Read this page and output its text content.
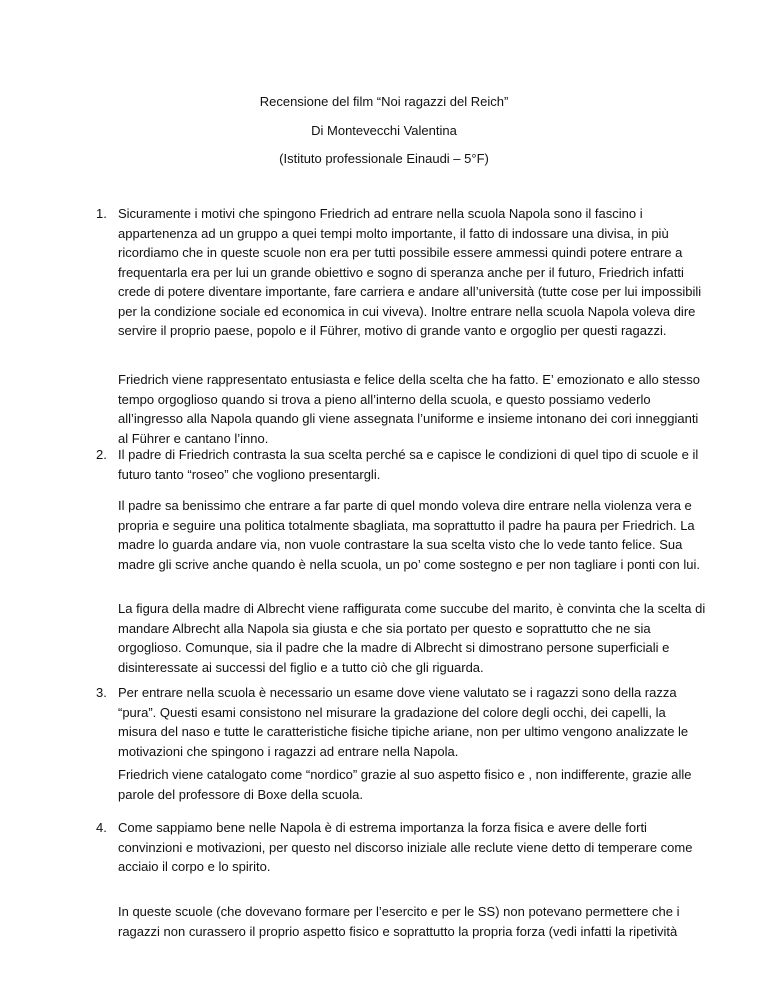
Recensione del film “Noi ragazzi del Reich”
Di Montevecchi Valentina
(Istituto professionale Einaudi – 5°F)
1. Sicuramente i motivi che spingono Friedrich ad entrare nella scuola Napola sono il fascino i appartenenza ad un gruppo a quei tempi molto importante, il fatto di indossare una divisa, in più ricordiamo che in queste scuole non era per tutti possibile essere ammessi quindi potere entrare a frequentarla era per lui un grande obiettivo e sogno di speranza anche per il futuro, Friedrich infatti crede di potere diventare importante, fare carriera e andare all’università (tutte cose per lui impossibili per la condizione sociale ed economica in cui viveva). Inoltre entrare nella scuola Napola voleva dire servire il proprio paese, popolo e il Führer, motivo di grande vanto e orgoglio per questi ragazzi.

Friedrich viene rappresentato entusiasta e felice della scelta che ha fatto. E’ emozionato e allo stesso tempo orgoglioso quando si trova a pieno all’interno della scuola, e questo possiamo vederlo all’ingresso alla Napola quando gli viene assegnata l’uniforme e insieme intonano dei cori inneggianti al Führer e cantano l’inno.
2. Il padre di Friedrich contrasta la sua scelta perché sa e capisce le condizioni di quel tipo di scuole e il futuro tanto “roseo” che vogliono presentargli.

Il padre sa benissimo che entrare a far parte di quel mondo voleva dire entrare nella violenza vera e propria e seguire una politica totalmente sbagliata, ma soprattutto il padre ha paura per Friedrich. La madre lo guarda andare via, non vuole contrastare la sua scelta visto che lo vede tanto felice. Sua madre gli scrive anche quando è nella scuola, un po’ come sostegno e per non tagliare i ponti con lui.
La figura della madre di Albrecht viene raffigurata come succube del marito, è convinta che la scelta di mandare Albrecht alla Napola sia giusta e che sia portato per questo e soprattutto che ne sia orgoglioso. Comunque, sia il padre che la madre di Albrecht si dimostrano persone superficiali e disinteressate ai successi del figlio e a tutto ciò che gli riguarda.
3. Per entrare nella scuola è necessario un esame dove viene valutato se i ragazzi sono della razza “pura”. Questi esami consistono nel misurare la gradazione del colore degli occhi, dei capelli, la misura del naso e tutte le caratteristiche fisiche tipiche ariane, non per ultimo vengono analizzate le motivazioni che spingono i ragazzi ad entrare nella Napola.

Friedrich viene catalogato come “nordico” grazie al suo aspetto fisico e , non indifferente, grazie alle parole del professore di Boxe della scuola.
4. Come sappiamo bene nelle Napola è di estrema importanza la forza fisica e avere delle forti convinzioni e motivazioni, per questo nel discorso iniziale alle reclute viene detto di temperare come acciaio il corpo e lo spirito.

In queste scuole (che dovevano formare per l’esercito e per le SS) non potevano permettere che i ragazzi non curassero il proprio aspetto fisico e soprattutto la propria forza (vedi infatti la ripetività
